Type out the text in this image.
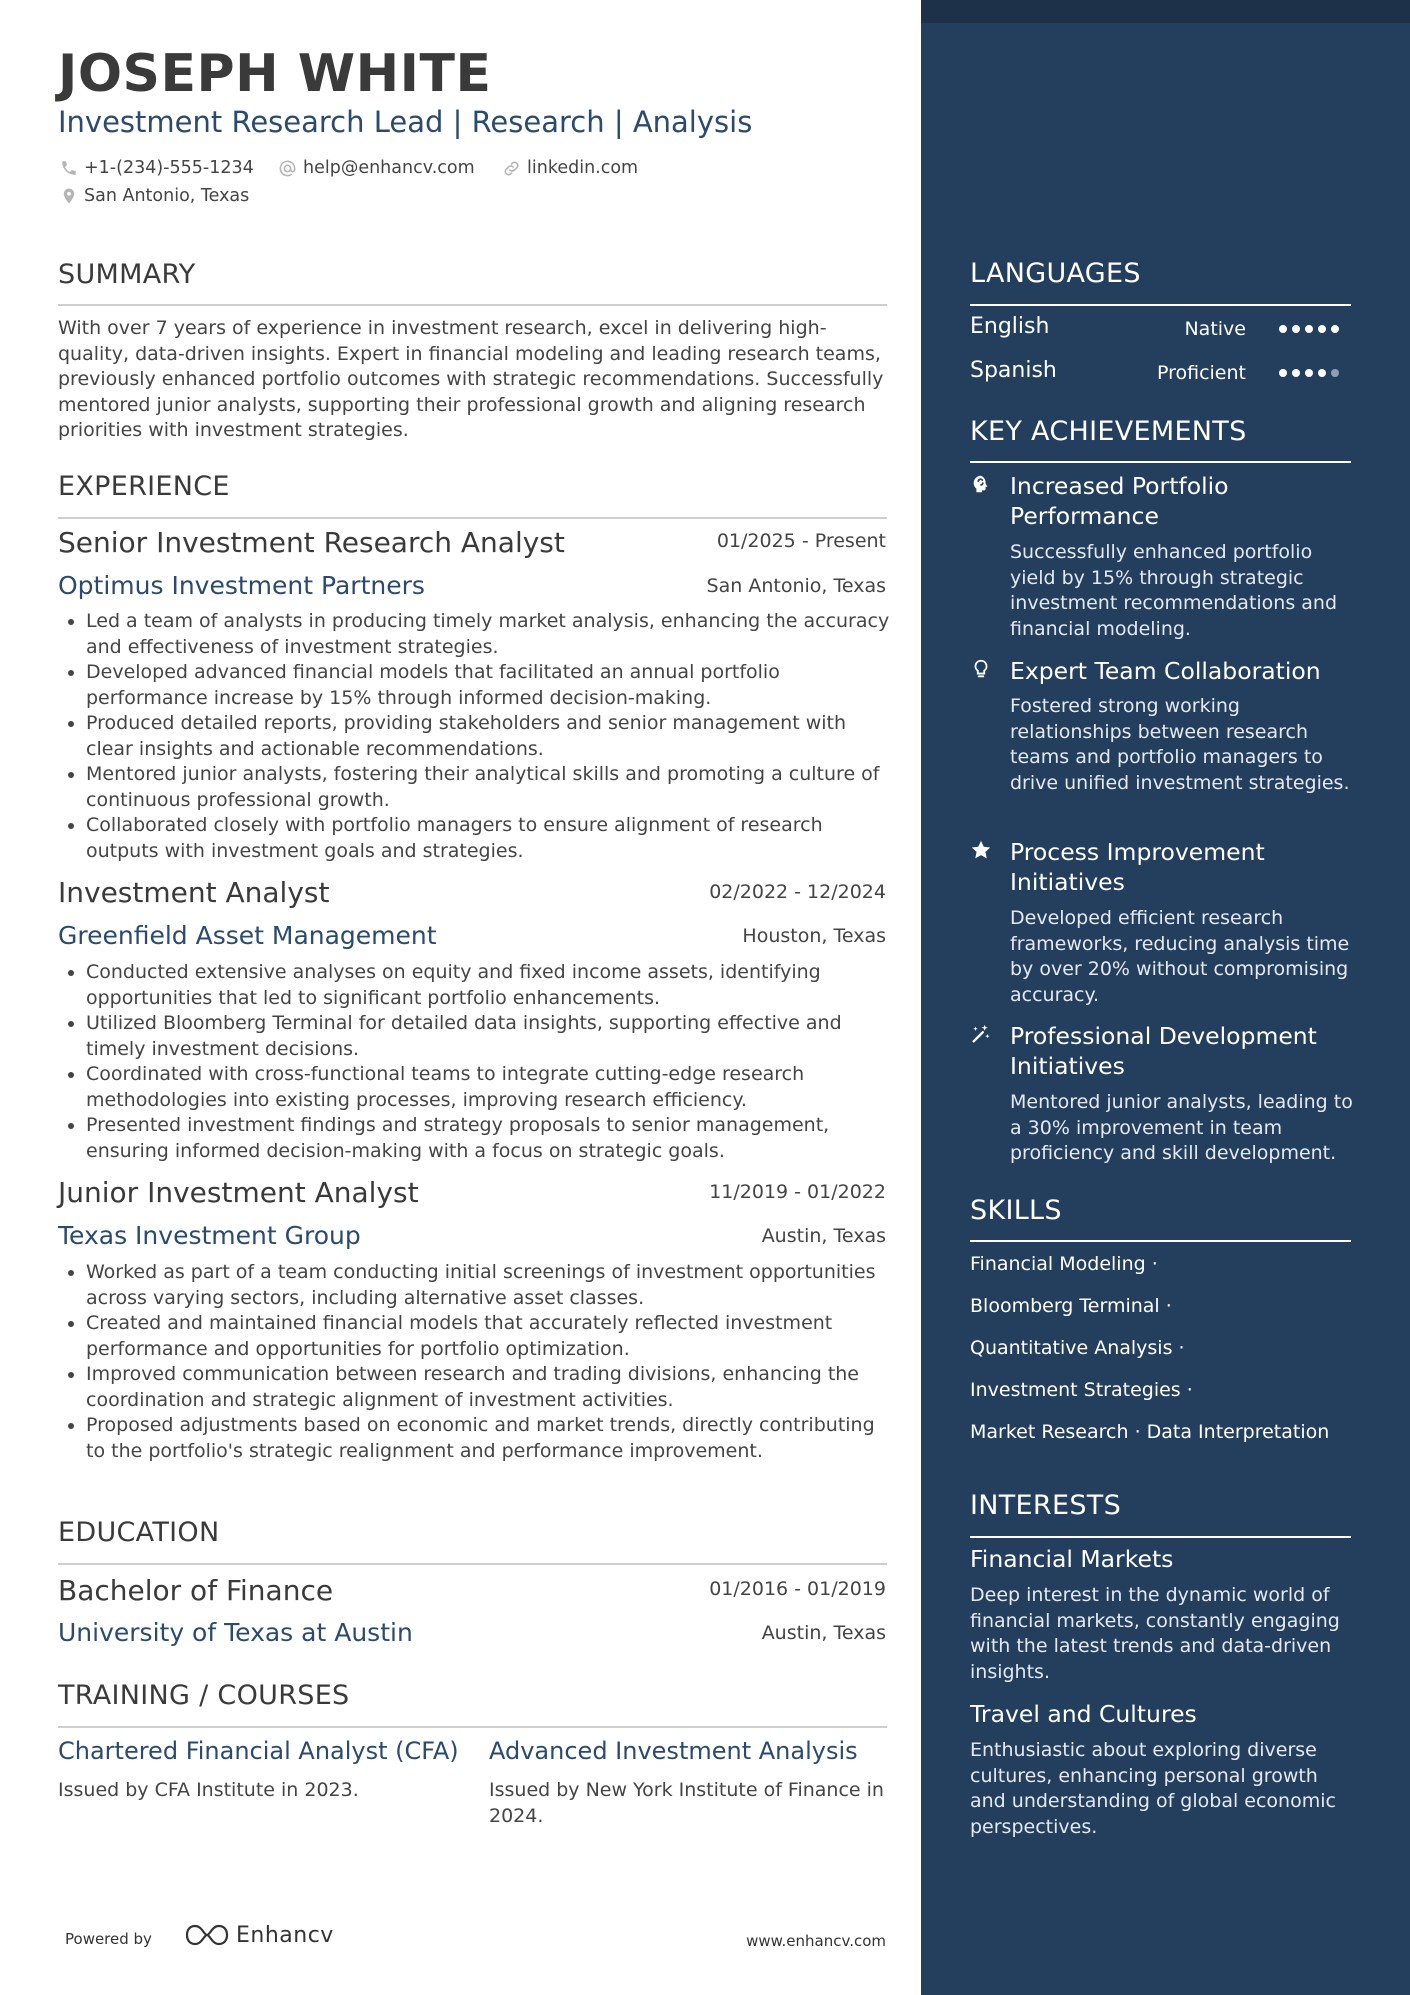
JOSEPH WHITE
Investment Research Lead | Research | Analysis
+1-(234)-555-1234	help@enhancv.com	linkedin.com
San Antonio, Texas
SUMMARY
With over 7 years of experience in investment research, excel in delivering high-quality, data-driven insights. Expert in financial modeling and leading research teams, previously enhanced portfolio outcomes with strategic recommendations. Successfully mentored junior analysts, supporting their professional growth and aligning research priorities with investment strategies.
EXPERIENCE
Senior Investment Research Analyst	01/2025 - Present
Optimus Investment Partners	San Antonio, Texas
• Led a team of analysts in producing timely market analysis, enhancing the accuracy and effectiveness of investment strategies.
• Developed advanced financial models that facilitated an annual portfolio performance increase by 15% through informed decision-making.
• Produced detailed reports, providing stakeholders and senior management with clear insights and actionable recommendations.
• Mentored junior analysts, fostering their analytical skills and promoting a culture of continuous professional growth.
• Collaborated closely with portfolio managers to ensure alignment of research outputs with investment goals and strategies.
Investment Analyst	02/2022 - 12/2024
Greenfield Asset Management	Houston, Texas
• Conducted extensive analyses on equity and fixed income assets, identifying opportunities that led to significant portfolio enhancements.
• Utilized Bloomberg Terminal for detailed data insights, supporting effective and timely investment decisions.
• Coordinated with cross-functional teams to integrate cutting-edge research methodologies into existing processes, improving research efficiency.
• Presented investment findings and strategy proposals to senior management, ensuring informed decision-making with a focus on strategic goals.
Junior Investment Analyst	11/2019 - 01/2022
Texas Investment Group	Austin, Texas
• Worked as part of a team conducting initial screenings of investment opportunities across varying sectors, including alternative asset classes.
• Created and maintained financial models that accurately reflected investment performance and opportunities for portfolio optimization.
• Improved communication between research and trading divisions, enhancing the coordination and strategic alignment of investment activities.
• Proposed adjustments based on economic and market trends, directly contributing to the portfolio's strategic realignment and performance improvement.
EDUCATION
Bachelor of Finance	01/2016 - 01/2019
University of Texas at Austin	Austin, Texas
TRAINING / COURSES
Chartered Financial Analyst (CFA)
Issued by CFA Institute in 2023.
Advanced Investment Analysis
Issued by New York Institute of Finance in 2024.
Powered by	Enhancv	www.enhancv.com
LANGUAGES
English	Native
Spanish	Proficient
KEY ACHIEVEMENTS
Increased Portfolio Performance
Successfully enhanced portfolio yield by 15% through strategic investment recommendations and financial modeling.
Expert Team Collaboration
Fostered strong working relationships between research teams and portfolio managers to drive unified investment strategies.
Process Improvement Initiatives
Developed efficient research frameworks, reducing analysis time by over 20% without compromising accuracy.
Professional Development Initiatives
Mentored junior analysts, leading to a 30% improvement in team proficiency and skill development.
SKILLS
Financial Modeling ·
Bloomberg Terminal ·
Quantitative Analysis ·
Investment Strategies ·
Market Research · Data Interpretation
INTERESTS
Financial Markets
Deep interest in the dynamic world of financial markets, constantly engaging with the latest trends and data-driven insights.
Travel and Cultures
Enthusiastic about exploring diverse cultures, enhancing personal growth and understanding of global economic perspectives.
